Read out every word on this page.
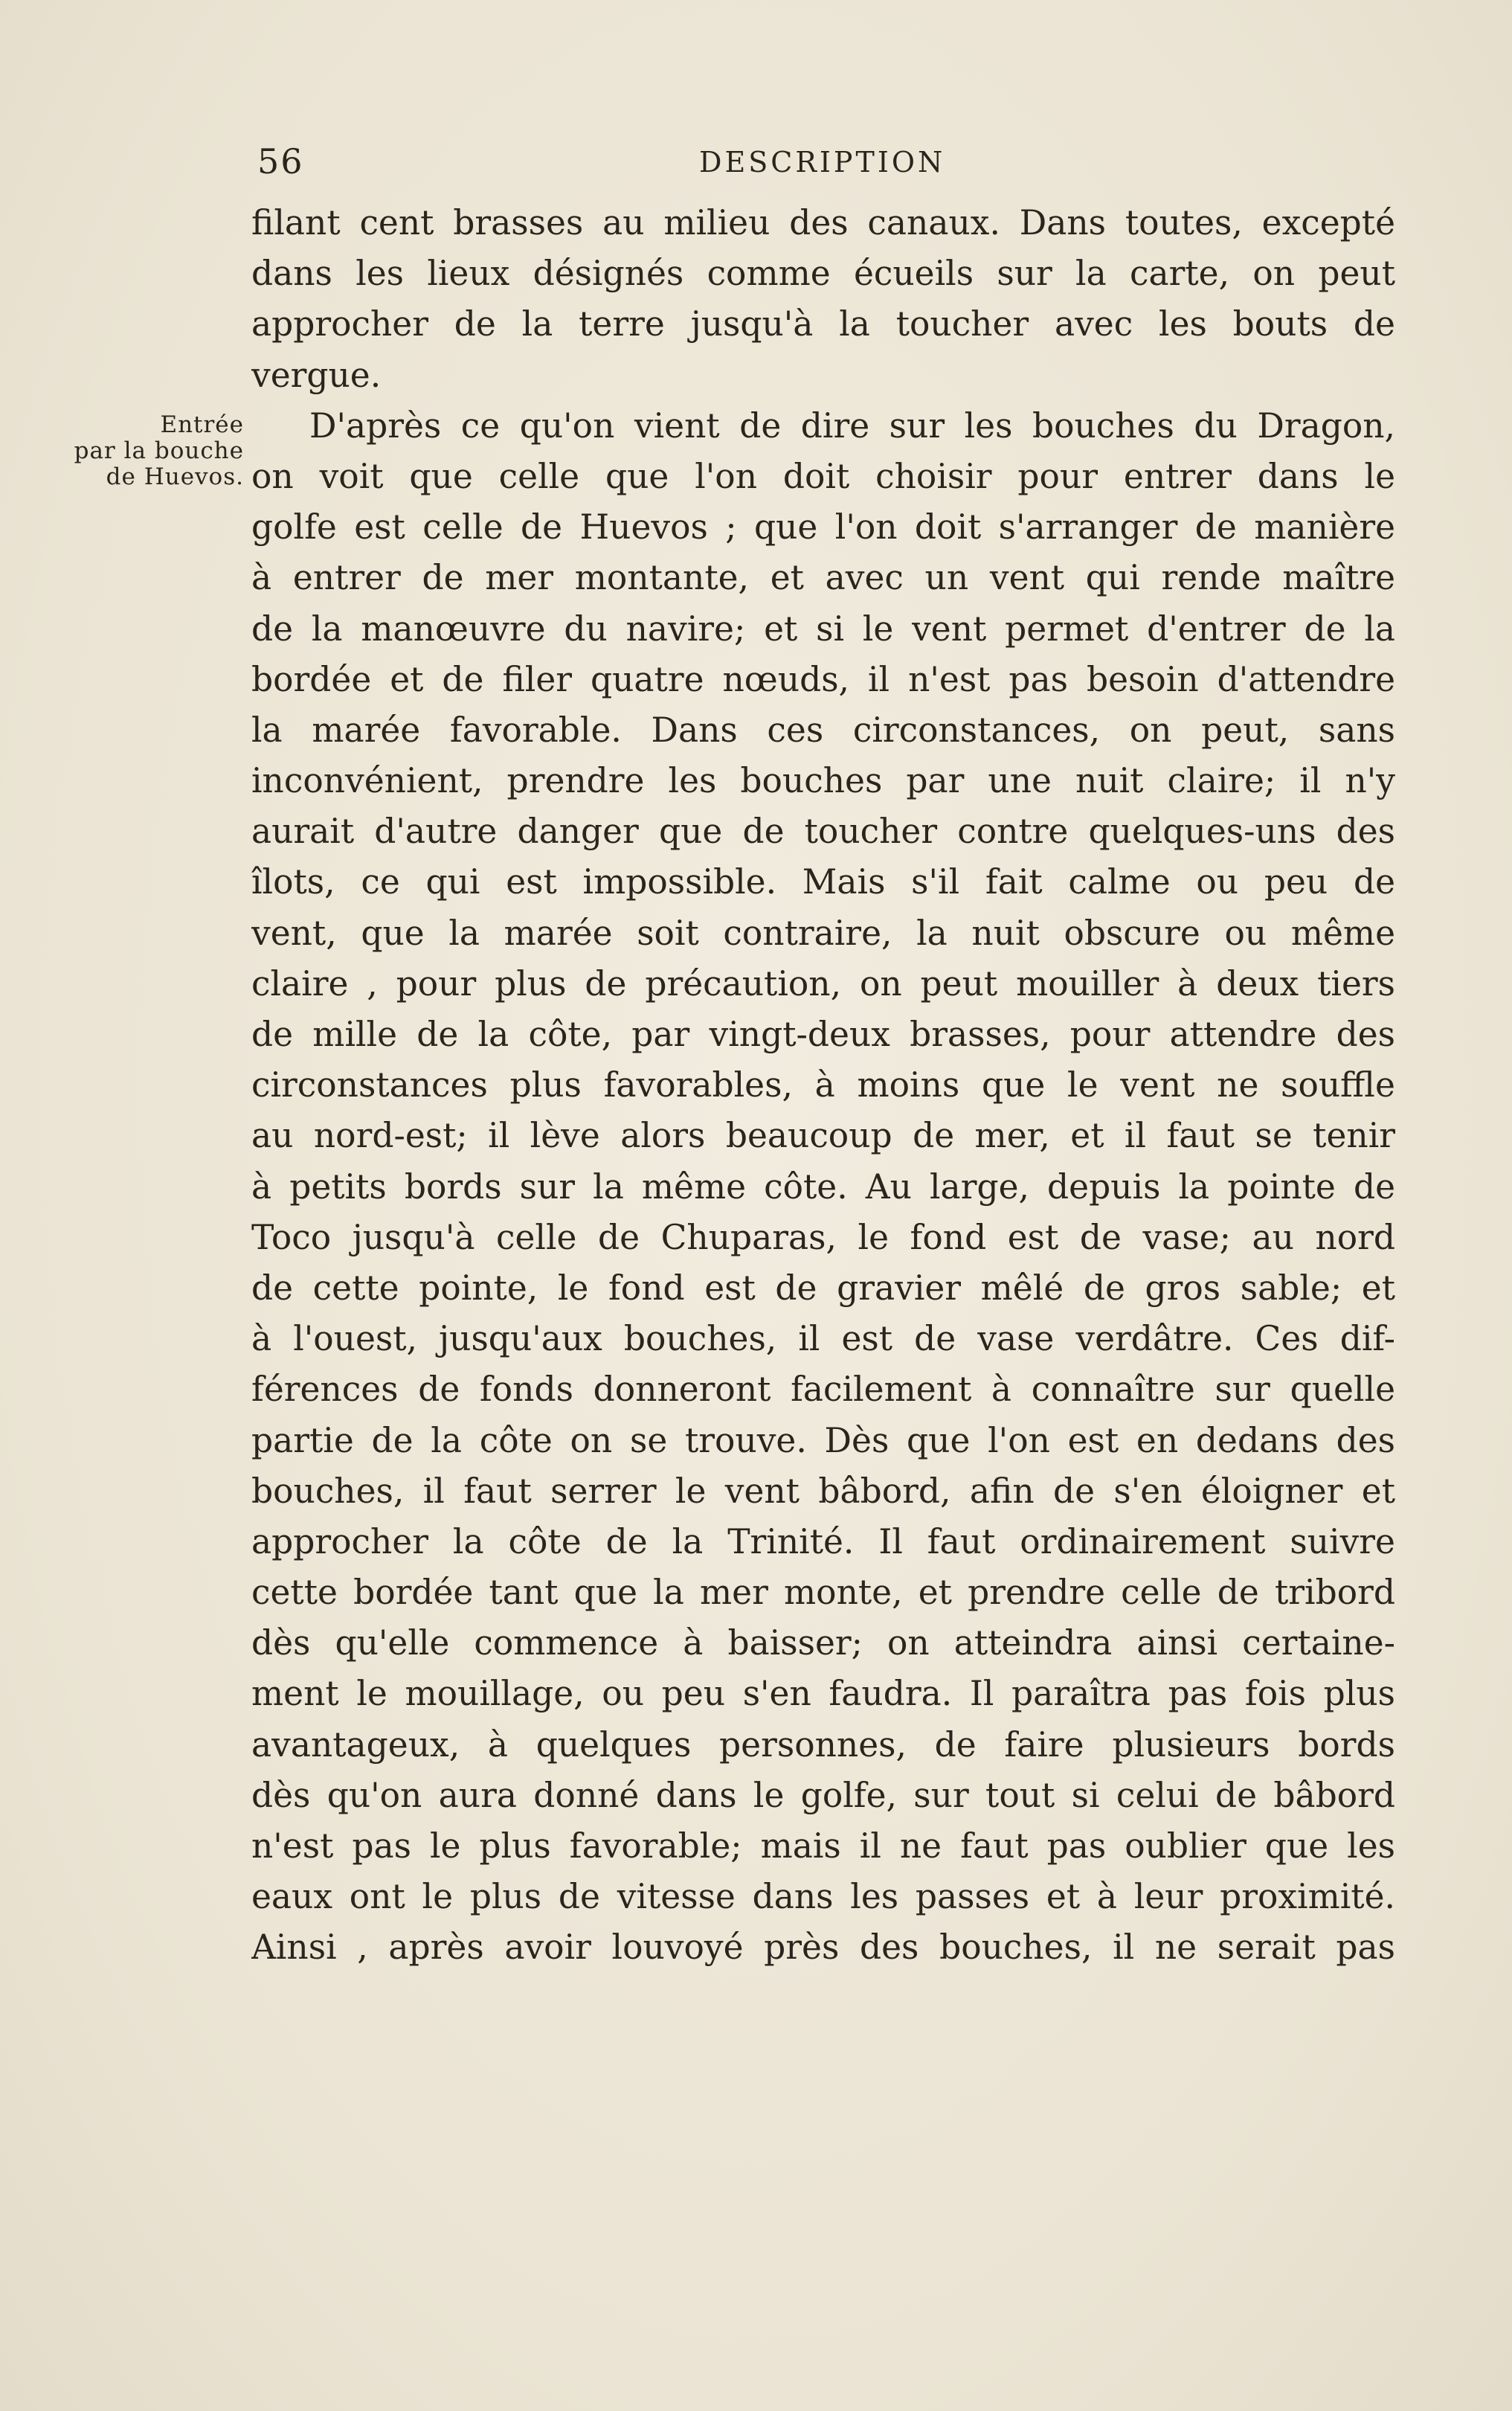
56	DESCRIPTION
Entrée
par la bouche
de Huevos.
filant cent brasses au milieu des canaux. Dans toutes, excepté
dans les lieux désignés comme écueils sur la carte, on peut
approcher de la terre jusqu'à la toucher avec les bouts de
vergue.
D'après ce qu'on vient de dire sur les bouches du Dragon,
on voit que celle que l'on doit choisir pour entrer dans le
golfe est celle de Huevos ; que l'on doit s'arranger de manière
à entrer de mer montante, et avec un vent qui rende maître
de la manœuvre du navire; et si le vent permet d'entrer de la
bordée et de filer quatre nœuds, il n'est pas besoin d'attendre
la marée favorable. Dans ces circonstances, on peut, sans
inconvénient, prendre les bouches par une nuit claire; il n'y
aurait d'autre danger que de toucher contre quelques-uns des
îlots, ce qui est impossible. Mais s'il fait calme ou peu de
vent, que la marée soit contraire, la nuit obscure ou même
claire , pour plus de précaution, on peut mouiller à deux tiers
de mille de la côte, par vingt-deux brasses, pour attendre des
circonstances plus favorables, à moins que le vent ne souffle
au nord-est; il lève alors beaucoup de mer, et il faut se tenir
à petits bords sur la même côte. Au large, depuis la pointe de
Toco jusqu'à celle de Chuparas, le fond est de vase; au nord
de cette pointe, le fond est de gravier mêlé de gros sable; et
à l'ouest, jusqu'aux bouches, il est de vase verdâtre. Ces dif-
férences de fonds donneront facilement à connaître sur quelle
partie de la côte on se trouve. Dès que l'on est en dedans des
bouches, il faut serrer le vent bâbord, afin de s'en éloigner et
approcher la côte de la Trinité. Il faut ordinairement suivre
cette bordée tant que la mer monte, et prendre celle de tribord
dès qu'elle commence à baisser; on atteindra ainsi certaine-
ment le mouillage, ou peu s'en faudra. Il paraîtra pas fois plus
avantageux, à quelques personnes, de faire plusieurs bords
dès qu'on aura donné dans le golfe, sur tout si celui de bâbord
n'est pas le plus favorable; mais il ne faut pas oublier que les
eaux ont le plus de vitesse dans les passes et à leur proximité.
Ainsi , après avoir louvoyé près des bouches, il ne serait pas
